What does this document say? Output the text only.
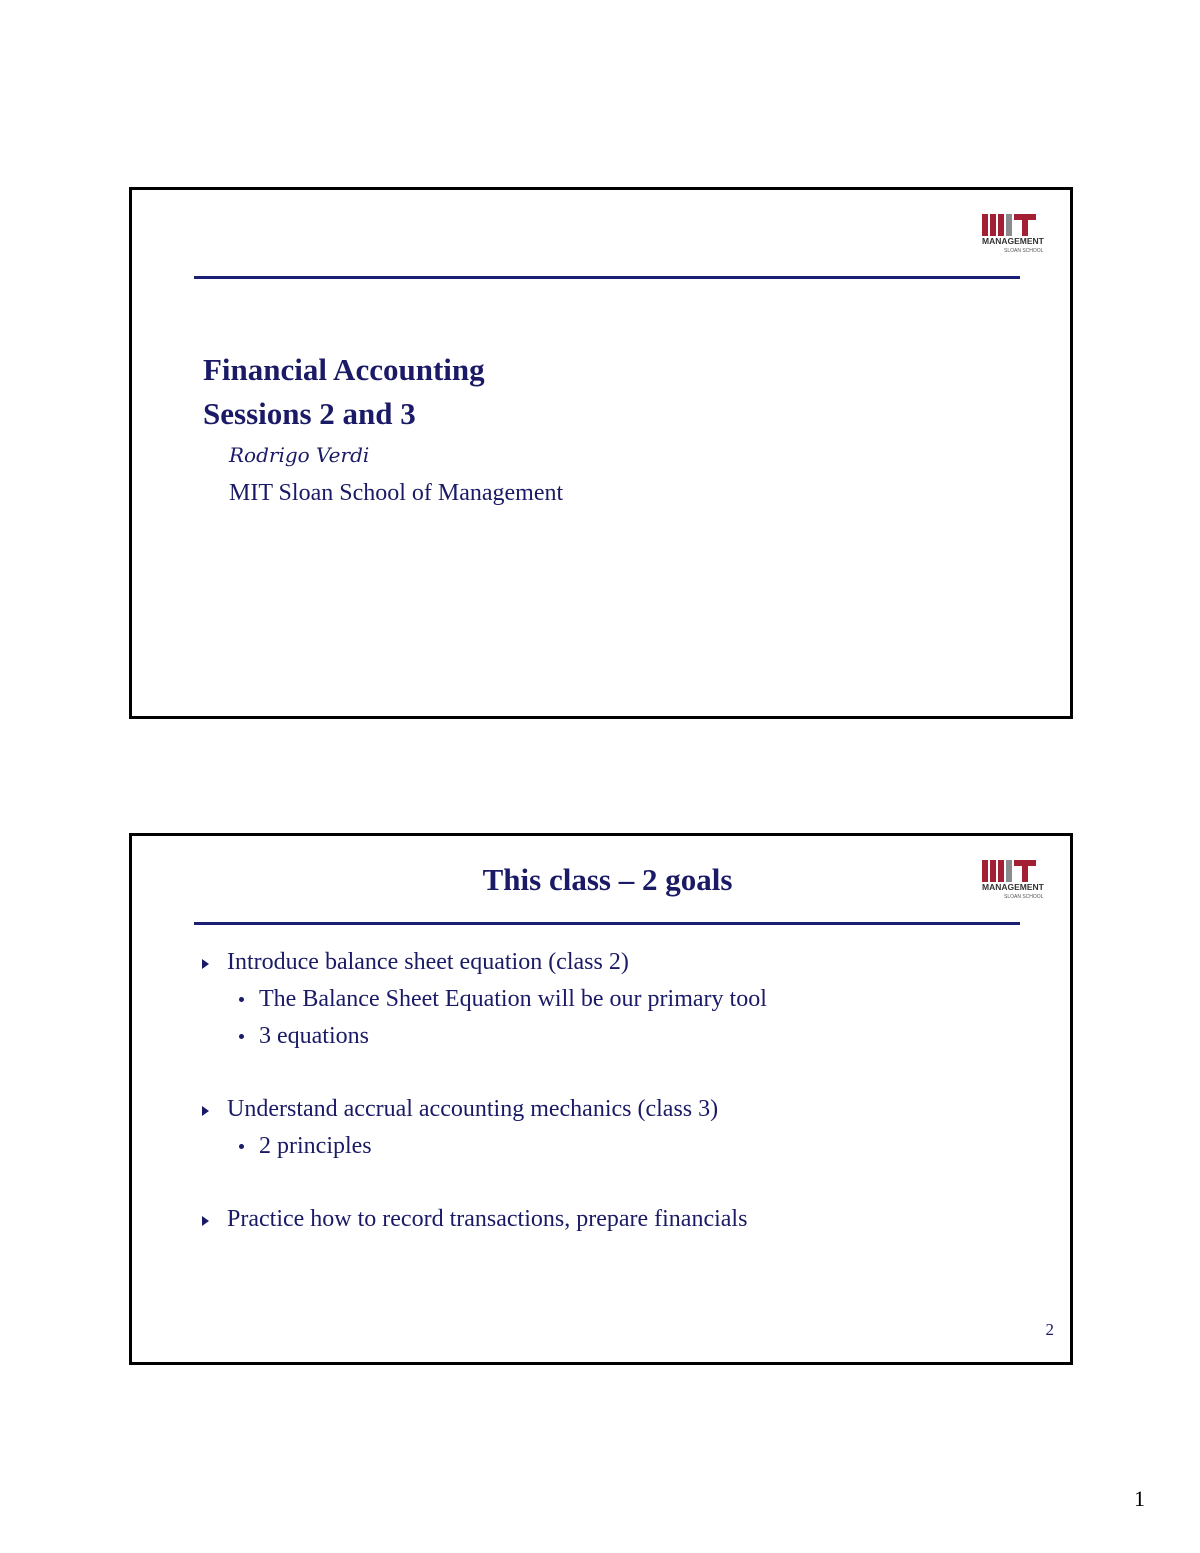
MANAGEMENT
SLOAN SCHOOL
Financial Accounting
Sessions 2 and 3
Rodrigo Verdi
MIT Sloan School of Management
This class – 2 goals	MANAGEMENT
SLOAN SCHOOL
Introduce balance sheet equation (class 2)
The Balance Sheet Equation will be our primary tool
3 equations
Understand accrual accounting mechanics (class 3)
2 principles
Practice how to record transactions, prepare financials
2
1
